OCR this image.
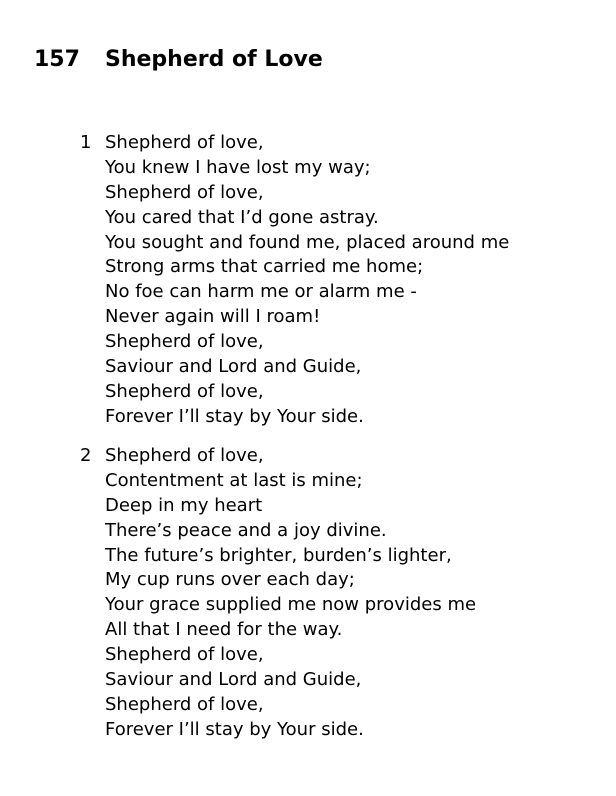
157 Shepherd of Love
1 Shepherd of love,
You knew I have lost my way;
Shepherd of love,
You cared that I’d gone astray.
You sought and found me, placed around me
Strong arms that carried me home;
No foe can harm me or alarm me -
Never again will I roam!
Shepherd of love,
Saviour and Lord and Guide,
Shepherd of love,
Forever I’ll stay by Your side.
2 Shepherd of love,
Contentment at last is mine;
Deep in my heart
There’s peace and a joy divine.
The future’s brighter, burden’s lighter,
My cup runs over each day;
Your grace supplied me now provides me
All that I need for the way.
Shepherd of love,
Saviour and Lord and Guide,
Shepherd of love,
Forever I’ll stay by Your side.
